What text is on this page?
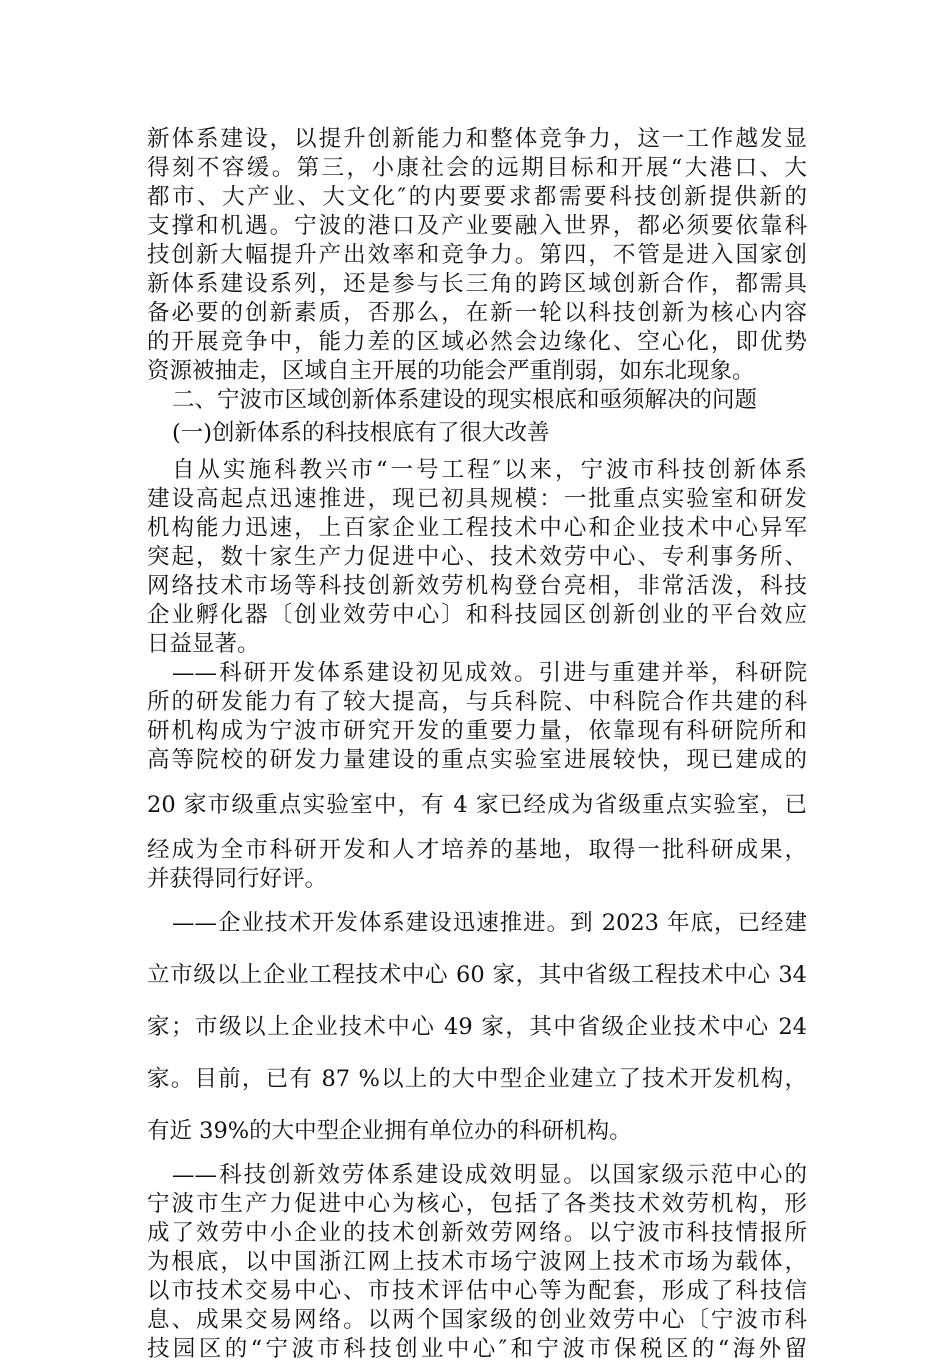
新体系建设，以提升创新能力和整体竞争力，这一工作越发显
得刻不容缓。第三，小康社会的远期目标和开展“大港口、大
都市、大产业、大文化″的内要要求都需要科技创新提供新的
支撑和机遇。宁波的港口及产业要融入世界，都必须要依靠科
技创新大幅提升产出效率和竞争力。第四，不管是进入国家创
新体系建设系列，还是参与长三角的跨区域创新合作，都需具
备必要的创新素质，否那么，在新一轮以科技创新为核心内容
的开展竞争中，能力差的区域必然会边缘化、空心化，即优势
资源被抽走，区域自主开展的功能会严重削弱，如东北现象。
二、宁波市区域创新体系建设的现实根底和亟须解决的问题
(一)创新体系的科技根底有了很大改善
自从实施科教兴市“一号工程″以来，宁波市科技创新体系
建设高起点迅速推进，现已初具规模：一批重点实验室和研发
机构能力迅速，上百家企业工程技术中心和企业技术中心异军
突起，数十家生产力促进中心、技术效劳中心、专利事务所、
网络技术市场等科技创新效劳机构登台亮相，非常活泼，科技
企业孵化器〔创业效劳中心〕和科技园区创新创业的平台效应
日益显著。
——科研开发体系建设初见成效。引进与重建并举，科研院
所的研发能力有了较大提高，与兵科院、中科院合作共建的科
研机构成为宁波市研究开发的重要力量，依靠现有科研院所和
高等院校的研发力量建设的重点实验室进展较快，现已建成的
20 家市级重点实验室中，有 4 家已经成为省级重点实验室，已
经成为全市科研开发和人才培养的基地，取得一批科研成果，
并获得同行好评。
——企业技术开发体系建设迅速推进。到 2023 年底，已经建
立市级以上企业工程技术中心 60 家，其中省级工程技术中心 34
家；市级以上企业技术中心 49 家，其中省级企业技术中心 24
家。目前，已有 87 %以上的大中型企业建立了技术开发机构，
有近 39%的大中型企业拥有单位办的科研机构。
——科技创新效劳体系建设成效明显。以国家级示范中心的
宁波市生产力促进中心为核心，包括了各类技术效劳机构，形
成了效劳中小企业的技术创新效劳网络。以宁波市科技情报所
为根底，以中国浙江网上技术市场宁波网上技术市场为载体，
以市技术交易中心、市技术评估中心等为配套，形成了科技信
息、成果交易网络。以两个国家级的创业效劳中心〔宁波市科
技园区的“宁波市科技创业中心″和宁波市保税区的“海外留
